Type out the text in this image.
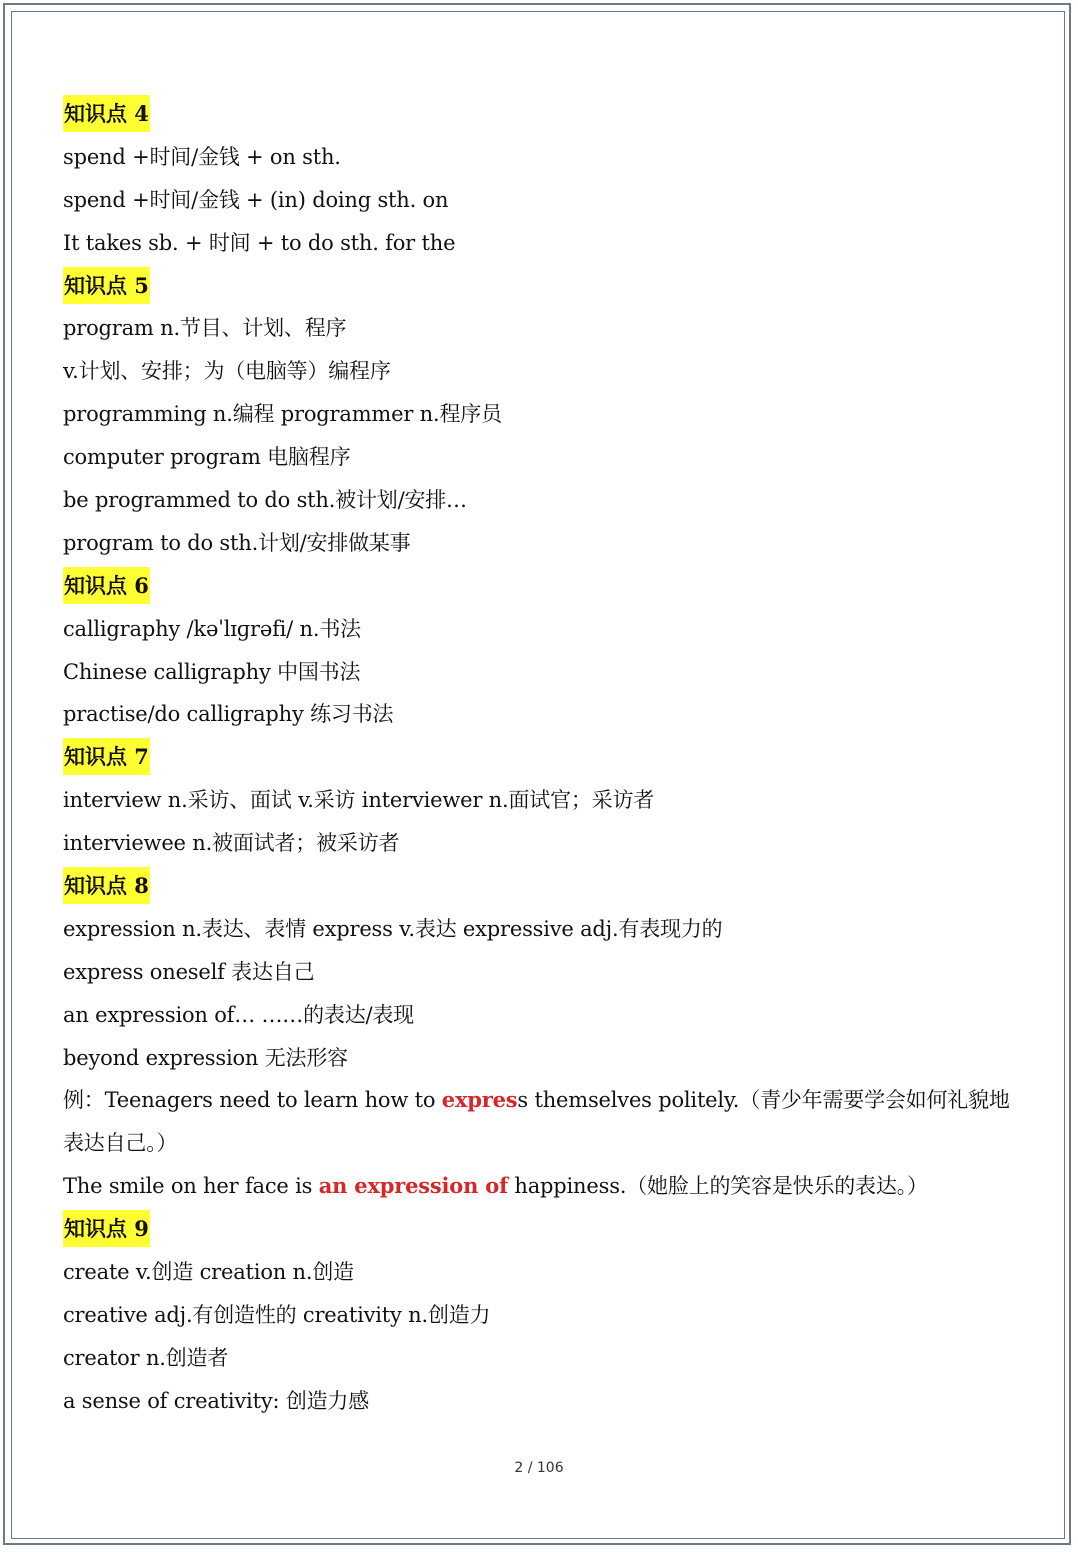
知识点 4
spend +时间/金钱 + on sth.
spend +时间/金钱 + (in) doing sth. on
It takes sb. + 时间 + to do sth. for the
知识点 5
program n.节目、计划、程序
v.计划、安排；为（电脑等）编程序
programming n.编程 programmer n.程序员
computer program 电脑程序
be programmed to do sth.被计划/安排…
program to do sth.计划/安排做某事
知识点 6
calligraphy /kəˈlɪɡrəfi/ n.书法
Chinese calligraphy 中国书法
practise/do calligraphy 练习书法
知识点 7
interview n.采访、面试 v.采访 interviewer n.面试官；采访者
interviewee n.被面试者；被采访者
知识点 8
expression n.表达、表情 express v.表达 expressive adj.有表现力的
express oneself 表达自己
an expression of… ……的表达/表现
beyond expression 无法形容
例：Teenagers need to learn how to express themselves politely.（青少年需要学会如何礼貌地表达自己。）
The smile on her face is an expression of happiness.（她脸上的笑容是快乐的表达。）
知识点 9
create v.创造 creation n.创造
creative adj.有创造性的 creativity n.创造力
creator n.创造者
a sense of creativity: 创造力感
2 / 106
